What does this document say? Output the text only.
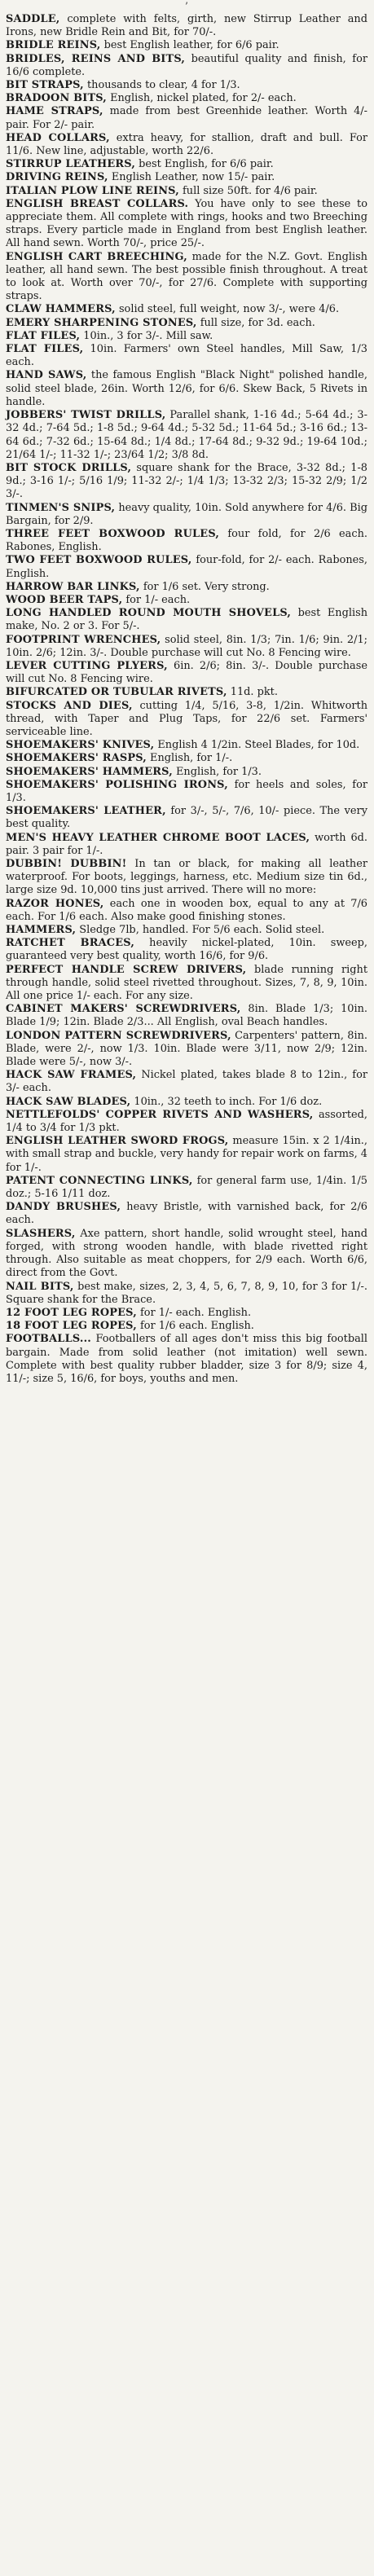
’

SADDLE, complete with felts, girth, new Stirrup Leather and Irons, new Bridle Rein and Bit, for 70/-.

BRIDLE REINS, best English leather, for 6/6 pair.

BRIDLES, REINS AND BITS, beautiful quality and finish, for 16/6 complete.

BIT STRAPS, thousands to clear, 4 for 1/3.

BRADOON BITS, English, nickel plated, for 2/- each.

HAME STRAPS, made from best Greenhide leather. Worth 4/- pair. For 2/- pair.

HEAD COLLARS, extra heavy, for stallion, draft and bull. For 11/6. New line, adjustable, worth 22/6.

STIRRUP LEATHERS, best English, for 6/6 pair.

DRIVING REINS, English Leather, now 15/- pair.

ITALIAN PLOW LINE REINS, full size 50ft. for 4/6 pair.

ENGLISH BREAST COLLARS. You have only to see these to appreciate them. All complete with rings, hooks and two Breeching straps. Every particle made in England from best English leather. All hand sewn. Worth 70/-, price 25/-.

ENGLISH CART BREECHING, made for the N.Z. Govt. English leather, all hand sewn. The best possible finish throughout. A treat to look at. Worth over 70/-, for 27/6. Complete with supporting straps.

CLAW HAMMERS, solid steel, full weight, now 3/-, were 4/6.

EMERY SHARPENING STONES, full size, for 3d. each.

FLAT FILES, 10in., 3 for 3/-. Mill saw.

FLAT FILES, 10in. Farmers' own Steel handles, Mill Saw, 1/3 each.

HAND SAWS, the famous English "Black Night" polished handle, solid steel blade, 26in. Worth 12/6, for 6/6. Skew Back, 5 Rivets in handle.

JOBBERS' TWIST DRILLS, Parallel shank, 1-16 4d.; 5-64 4d.; 3-32 4d.; 7-64 5d.; 1-8 5d.; 9-64 4d.; 5-32 5d.; 11-64 5d.; 3-16 6d.; 13-64 6d.; 7-32 6d.; 15-64 8d.; 1/4 8d.; 17-64 8d.; 9-32 9d.; 19-64 10d.; 21/64 1/-; 11-32 1/-; 23/64 1/2; 3/8 8d.

BIT STOCK DRILLS, square shank for the Brace, 3-32 8d.; 1-8 9d.; 3-16 1/-; 5/16 1/9; 11-32 2/-; 1/4 1/3; 13-32 2/3; 15-32 2/9; 1/2 3/-.

TINMEN'S SNIPS, heavy quality, 10in. Sold anywhere for 4/6. Big Bargain, for 2/9.

THREE FEET BOXWOOD RULES, four fold, for 2/6 each. Rabones, English.

TWO FEET BOXWOOD RULES, four-fold, for 2/- each. Rabones, English.

HARROW BAR LINKS, for 1/6 set. Very strong.

WOOD BEER TAPS, for 1/- each.

LONG HANDLED ROUND MOUTH SHOVELS, best English make, No. 2 or 3. For 5/-.

FOOTPRINT WRENCHES, solid steel, 8in. 1/3; 7in. 1/6; 9in. 2/1; 10in. 2/6; 12in. 3/-. Double purchase will cut No. 8 Fencing wire.

LEVER CUTTING PLYERS, 6in. 2/6; 8in. 3/-. Double purchase will cut No. 8 Fencing wire.

BIFURCATED OR TUBULAR RIVETS, 11d. pkt.

STOCKS AND DIES, cutting 1/4, 5/16, 3-8, 1/2in. Whitworth thread, with Taper and Plug Taps, for 22/6 set. Farmers' serviceable line.

SHOEMAKERS' KNIVES, English 4 1/2in. Steel Blades, for 10d.

SHOEMAKERS' RASPS, English, for 1/-.

SHOEMAKERS' HAMMERS, English, for 1/3.

SHOEMAKERS' POLISHING IRONS, for heels and soles, for 1/3.

SHOEMAKERS' LEATHER, for 3/-, 5/-, 7/6, 10/- piece. The very best quality.

MEN'S HEAVY LEATHER CHROME BOOT LACES, worth 6d. pair. 3 pair for 1/-.

DUBBIN! DUBBIN! In tan or black, for making all leather waterproof. For boots, leggings, harness, etc. Medium size tin 6d., large size 9d. 10,000 tins just arrived. There will no more:

RAZOR HONES, each one in wooden box, equal to any at 7/6 each. For 1/6 each. Also make good finishing stones.

HAMMERS, Sledge 7lb, handled. For 5/6 each. Solid steel.

RATCHET BRACES, heavily nickel-plated, 10in. sweep, guaranteed very best quality, worth 16/6, for 9/6.

PERFECT HANDLE SCREW DRIVERS, blade running right through handle, solid steel rivetted throughout. Sizes, 7, 8, 9, 10in. All one price 1/- each. For any size.

CABINET MAKERS' SCREWDRIVERS, 8in. Blade 1/3; 10in. Blade 1/9; 12in. Blade 2/3... All English, oval Beach handles.

LONDON PATTERN SCREWDRIVERS, Carpenters' pattern, 8in. Blade, were 2/-, now 1/3. 10in. Blade were 3/11, now 2/9; 12in. Blade were 5/-, now 3/-.

HACK SAW FRAMES, Nickel plated, takes blade 8 to 12in., for 3/- each.

HACK SAW BLADES, 10in., 32 teeth to inch. For 1/6 doz.

NETTLEFOLDS' COPPER RIVETS AND WASHERS, assorted, 1/4 to 3/4 for 1/3 pkt.

ENGLISH LEATHER SWORD FROGS, measure 15in. x 2 1/4in., with small strap and buckle, very handy for repair work on farms, 4 for 1/-.

PATENT CONNECTING LINKS, for general farm use, 1/4in. 1/5 doz.; 5-16 1/11 doz.

DANDY BRUSHES, heavy Bristle, with varnished back, for 2/6 each.

SLASHERS, Axe pattern, short handle, solid wrought steel, hand forged, with strong wooden handle, with blade rivetted right through. Also suitable as meat choppers, for 2/9 each. Worth 6/6, direct from the Govt.

NAIL BITS, best make, sizes, 2, 3, 4, 5, 6, 7, 8, 9, 10, for 3 for 1/-. Square shank for the Brace.

12 FOOT LEG ROPES, for 1/- each. English.

18 FOOT LEG ROPES, for 1/6 each. English.

FOOTBALLS... Footballers of all ages don't miss this big football bargain. Made from solid leather (not imitation) well sewn. Complete with best quality rubber bladder, size 3 for 8/9; size 4, 11/-; size 5, 16/6, for boys, youths and men.
